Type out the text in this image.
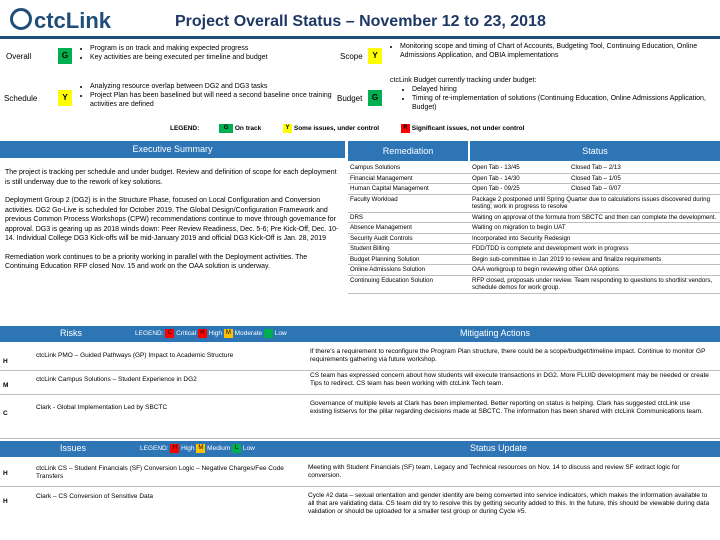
ctcLink	Project Overall Status – November 12 to 23, 2018
Overall	G
• Program is on track and making expected progress
• Key activities are being executed per timeline and budget
Schedule	Y
• Analyzing resource overlap between DG2 and DG3 tasks
• Project Plan has been baselined but will need a second baseline once training activities are defined
Scope	Y
• Monitoring scope and timing of Chart of Accounts, Budgeting Tool, Continuing Education, Online Admissions Application, and OBIA implementations
Budget	G
ctcLink Budget currently tracking under budget:
• Delayed hiring
• Timing of re-implementation of solutions (Continuing Education, Online Admissions Application, Budget)
LEGEND:	G On track	Y Some issues, under control	R Significant issues, not under control
Executive Summary

The project is tracking per schedule and under budget. Review and definition of scope for each deployment is still underway due to the rework of key solutions.

Deployment Group 2 (DG2) is in the Structure Phase, focused on Local Configuration and Conversion activities. DG2 Go-Live is scheduled for October 2019. The Global Design/Configuration Framework and previous Common Process Workshops (CPW) recommendations continue to move through governance for approval. DG3 is gearing up as 2018 winds down: Peer Review Readiness, Dec. 5-6; Pre Kick-Off, Dec. 10-14. Individual College DG3 Kick-offs will be mid-January 2019 and official DG3 Kick-Off is Jan. 28, 2019

Remediation work continues to be a priority working in parallel with the Deployment activities. The Continuing Education RFP closed Nov. 15 and work on the OAA solution is underway.

Remediation	Status
Campus Solutions	Open Tab - 13/45	Closed Tab – 2/13
Financial Management	Open Tab - 14/30	Closed Tab – 1/05
Human Capital Management	Open Tab - 09/25	Closed Tab – 0/07
Faculty Workload	Package 2 postponed until Spring Quarter due to calculations issues discovered during testing; work in progress to resolve	
DRS	Waiting on approval of the formula from SBCTC and then can complete the development.	
Absence Management	Waiting on migration to begin UAT	
Security Audit Controls	Incorporated into Security Redesign	
Student Billing	FDD/TDD is complete and development work in progress	
Budget Planning Solution	Begin sub-committee in Jan 2019 to review and finalize requirements	
Online Admissions Solution	OAA workgroup to begin reviewing other OAA options	
Continuing Education Solution	RFP closed, proposals under review. Team responding to questions to shortlist vendors, schedule demos for work group.	
Risks	LEGEND: C Critical H High M Moderate Low	Mitigating Actions
H
ctcLink PMO – Guided Pathways (GP) Impact to Academic Structure
If there's a requirement to reconfigure the Program Plan structure, there could be a scope/budget/timeline impact. Continue to monitor GP requirements gathering via future workshop.
M
ctcLink Campus Solutions – Student Experience in DG2
CS team has expressed concern about how students will execute transactions in DG2. More FLUID development may be needed or create Tips to redirect. CS team has been working with ctcLink Tech team.
C
Clark - Global Implementation Led by SBCTC
Governance of multiple levels at Clark has been implemented. Better reporting on status is helping. Clark has suggested ctcLink use existing listservs for the pillar regarding decisions made at SBCTC. The information has been shared with ctcLink Communications team.
Issues	LEGEND: H High M Medium L Low	Status Update
H
ctcLink CS – Student Financials (SF) Conversion Logic – Negative Charges/Fee Code Transfers
Meeting with Student Financials (SF) team, Legacy and Technical resources on Nov. 14 to discuss and review SF extract logic for conversion.
H
Clark – CS Conversion of Sensitive Data	Cycle #2 data – sexual orientation and gender identity are being converted into service indicators, which makes the information available to all that are validating data. CS team did try to resolve this by getting security added to this. In the future, this should be viewable during data validation or should be uploaded for a smaller test group or during Cycle #5.
